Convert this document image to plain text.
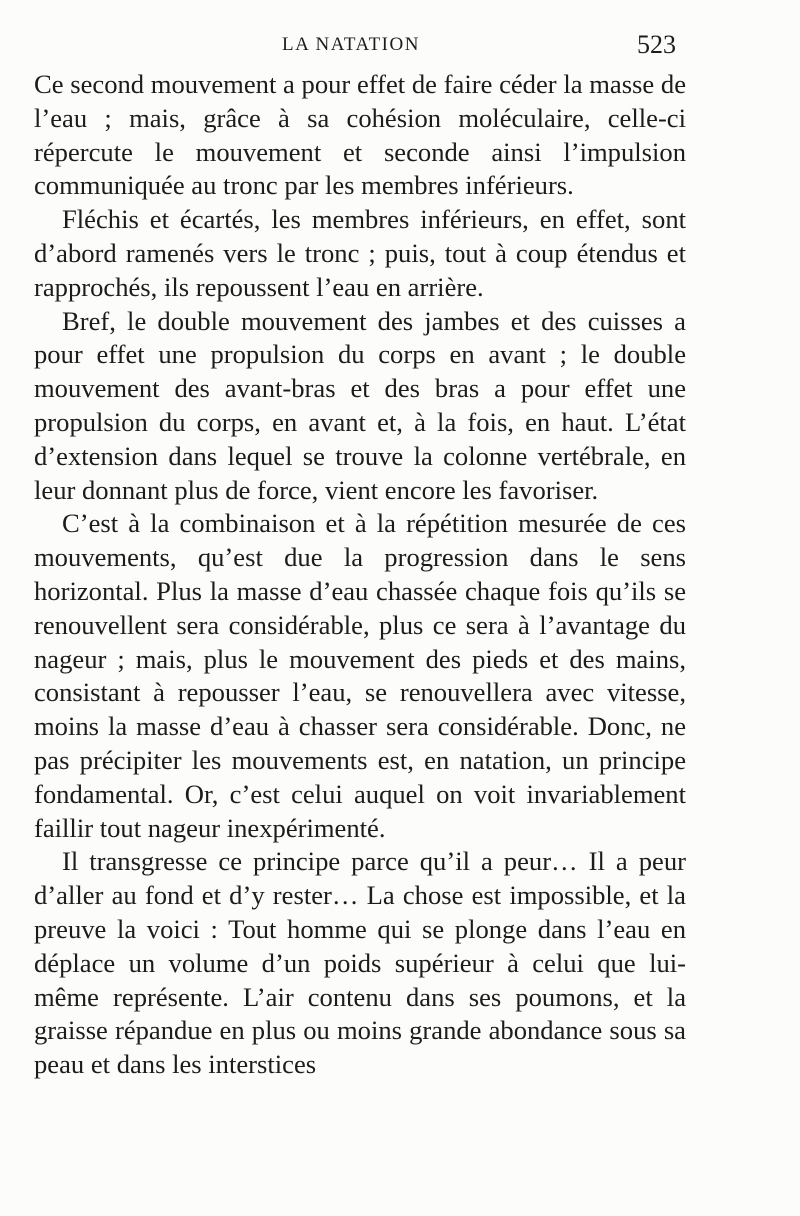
LA NATATION	523

Ce second mouvement a pour effet de faire céder la masse de l’eau ; mais, grâce à sa cohésion moléculaire, celle-ci répercute le mouvement et seconde ainsi l’impulsion communiquée au tronc par les membres inférieurs.

Fléchis et écartés, les membres inférieurs, en effet, sont d’abord ramenés vers le tronc ; puis, tout à coup étendus et rapprochés, ils repoussent l’eau en arrière.

Bref, le double mouvement des jambes et des cuisses a pour effet une propulsion du corps en avant ; le double mouvement des avant-bras et des bras a pour effet une propulsion du corps, en avant et, à la fois, en haut. L’état d’extension dans lequel se trouve la colonne vertébrale, en leur donnant plus de force, vient encore les favoriser.

C’est à la combinaison et à la répétition mesurée de ces mouvements, qu’est due la progression dans le sens horizontal. Plus la masse d’eau chassée chaque fois qu’ils se renouvellent sera considérable, plus ce sera à l’avantage du nageur ; mais, plus le mouvement des pieds et des mains, consistant à repousser l’eau, se renouvellera avec vitesse, moins la masse d’eau à chasser sera considérable. Donc, ne pas précipiter les mouvements est, en natation, un principe fondamental. Or, c’est celui auquel on voit invariablement faillir tout nageur inexpérimenté.

Il transgresse ce principe parce qu’il a peur… Il a peur d’aller au fond et d’y rester… La chose est impossible, et la preuve la voici : Tout homme qui se plonge dans l’eau en déplace un volume d’un poids supérieur à celui que lui-même représente. L’air contenu dans ses poumons, et la graisse répandue en plus ou moins grande abondance sous sa peau et dans les interstices
